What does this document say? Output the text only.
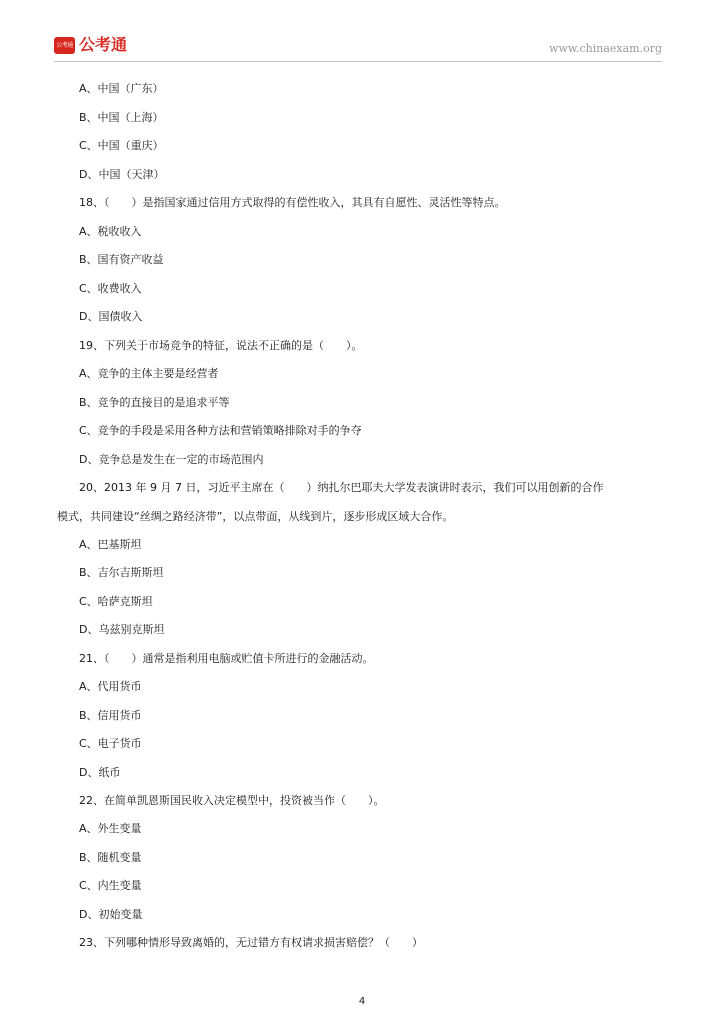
公考通 公考通	www.chinaexam.org
A、中国（广东）
B、中国（上海）
C、中国（重庆）
D、中国（天津）
18、（　　）是指国家通过信用方式取得的有偿性收入，其具有自愿性、灵活性等特点。
A、税收收入
B、国有资产收益
C、收费收入
D、国债收入
19、下列关于市场竞争的特征，说法不正确的是（　　）。
A、竞争的主体主要是经营者
B、竞争的直接目的是追求平等
C、竞争的手段是采用各种方法和营销策略排除对手的争夺
D、竞争总是发生在一定的市场范围内
20、2013 年 9 月 7 日，习近平主席在（　　）纳扎尔巴耶夫大学发表演讲时表示，我们可以用创新的合作
模式，共同建设“丝绸之路经济带”，以点带面，从线到片，逐步形成区域大合作。
A、巴基斯坦
B、吉尔吉斯斯坦
C、哈萨克斯坦
D、乌兹别克斯坦
21、（　　）通常是指利用电脑或贮值卡所进行的金融活动。
A、代用货币
B、信用货币
C、电子货币
D、纸币
22、在简单凯恩斯国民收入决定模型中，投资被当作（　　）。
A、外生变量
B、随机变量
C、内生变量
D、初始变量
23、下列哪种情形导致离婚的，无过错方有权请求损害赔偿？（　　）
4
